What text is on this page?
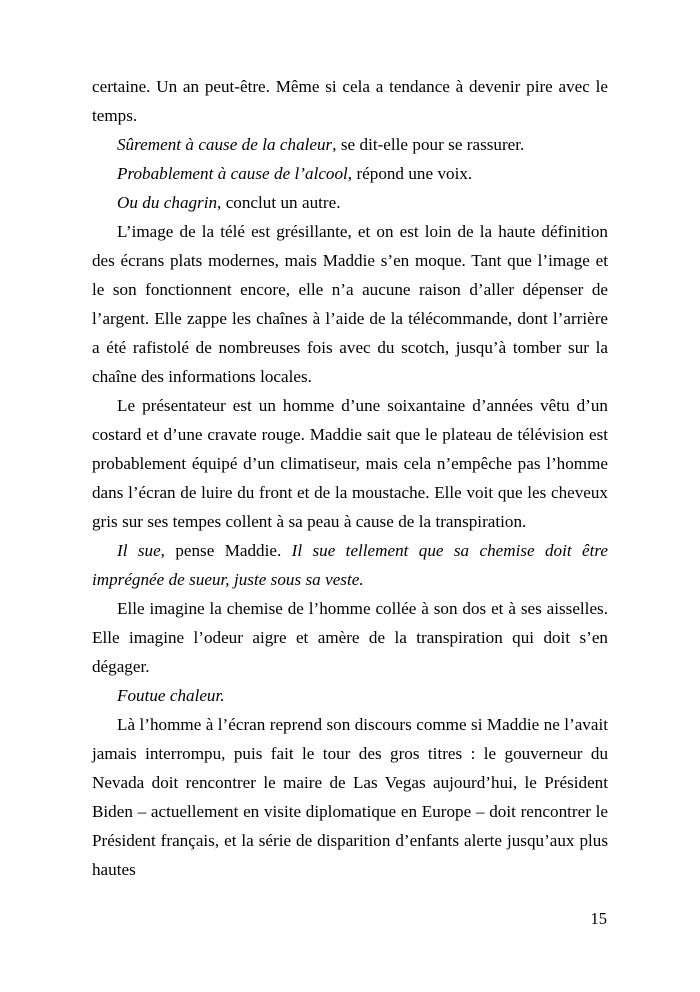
certaine. Un an peut-être. Même si cela a tendance à devenir pire avec le temps.

Sûrement à cause de la chaleur, se dit-elle pour se rassurer.

Probablement à cause de l’alcool, répond une voix.

Ou du chagrin, conclut un autre.

L’image de la télé est grésillante, et on est loin de la haute définition des écrans plats modernes, mais Maddie s’en moque. Tant que l’image et le son fonctionnent encore, elle n’a aucune raison d’aller dépenser de l’argent. Elle zappe les chaînes à l’aide de la télécommande, dont l’arrière a été rafistolé de nombreuses fois avec du scotch, jusqu’à tomber sur la chaîne des informations locales.

Le présentateur est un homme d’une soixantaine d’années vêtu d’un costard et d’une cravate rouge. Maddie sait que le plateau de télévision est probablement équipé d’un climatiseur, mais cela n’empêche pas l’homme dans l’écran de luire du front et de la moustache. Elle voit que les cheveux gris sur ses tempes collent à sa peau à cause de la transpiration.

Il sue, pense Maddie. Il sue tellement que sa chemise doit être imprégnée de sueur, juste sous sa veste.

Elle imagine la chemise de l’homme collée à son dos et à ses aisselles. Elle imagine l’odeur aigre et amère de la transpiration qui doit s’en dégager.

Foutue chaleur.

Là l’homme à l’écran reprend son discours comme si Maddie ne l’avait jamais interrompu, puis fait le tour des gros titres : le gouverneur du Nevada doit rencontrer le maire de Las Vegas aujourd’hui, le Président Biden – actuellement en visite diplomatique en Europe – doit rencontrer le Président français, et la série de disparition d’enfants alerte jusqu’aux plus hautes

15
